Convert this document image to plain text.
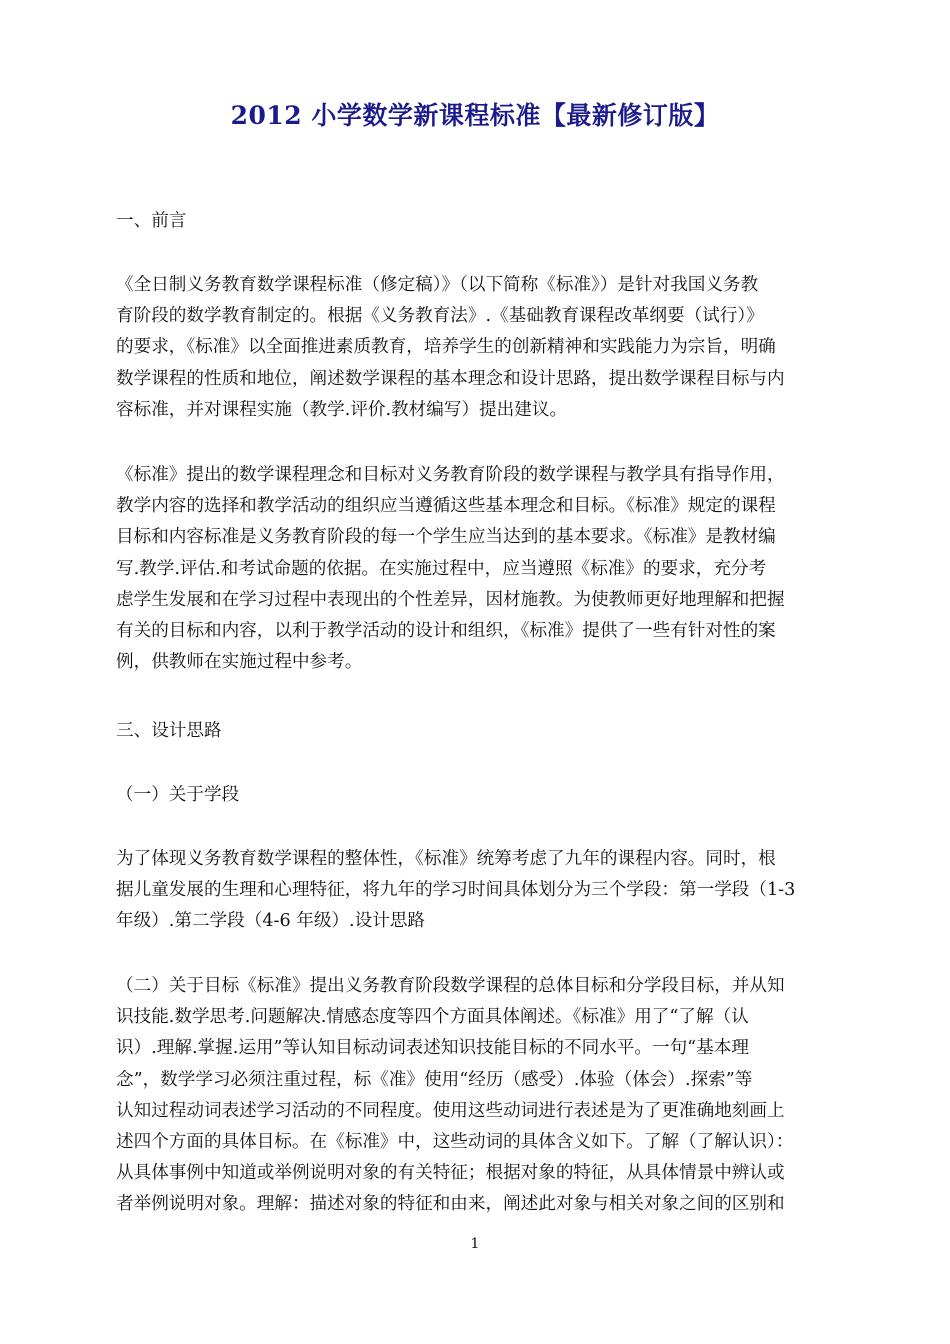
2012 小学数学新课程标准【最新修订版】
一、前言
《全日制义务教育数学课程标准（修定稿）》（以下简称《标准》）是针对我国义务教
育阶段的数学教育制定的。根据《义务教育法》.《基础教育课程改革纲要（试行）》
的要求，《标准》以全面推进素质教育，培养学生的创新精神和实践能力为宗旨，明确
数学课程的性质和地位，阐述数学课程的基本理念和设计思路，提出数学课程目标与内
容标准，并对课程实施（教学.评价.教材编写）提出建议。
《标准》提出的数学课程理念和目标对义务教育阶段的数学课程与教学具有指导作用，
教学内容的选择和教学活动的组织应当遵循这些基本理念和目标。《标准》规定的课程
目标和内容标准是义务教育阶段的每一个学生应当达到的基本要求。《标准》是教材编
写.教学.评估.和考试命题的依据。在实施过程中，应当遵照《标准》的要求，充分考
虑学生发展和在学习过程中表现出的个性差异，因材施教。为使教师更好地理解和把握
有关的目标和内容，以利于教学活动的设计和组织，《标准》提供了一些有针对性的案
例，供教师在实施过程中参考。
三、设计思路
（一）关于学段
为了体现义务教育数学课程的整体性，《标准》统筹考虑了九年的课程内容。同时，根
据儿童发展的生理和心理特征，将九年的学习时间具体划分为三个学段：第一学段（1-3
年级）.第二学段（4-6 年级）.设计思路
（二）关于目标《标准》提出义务教育阶段数学课程的总体目标和分学段目标，并从知
识技能.数学思考.问题解决.情感态度等四个方面具体阐述。《标准》用了“了解（认
识）.理解.掌握.运用”等认知目标动词表述知识技能目标的不同水平。一句“基本理
念”，数学学习必须注重过程，标《准》使用“经历（感受）.体验（体会）.探索”等
认知过程动词表述学习活动的不同程度。使用这些动词进行表述是为了更准确地刻画上
述四个方面的具体目标。在《标准》中，这些动词的具体含义如下。了解（了解认识）：
从具体事例中知道或举例说明对象的有关特征；根据对象的特征，从具体情景中辨认或
者举例说明对象。理解：描述对象的特征和由来，阐述此对象与相关对象之间的区别和
1
